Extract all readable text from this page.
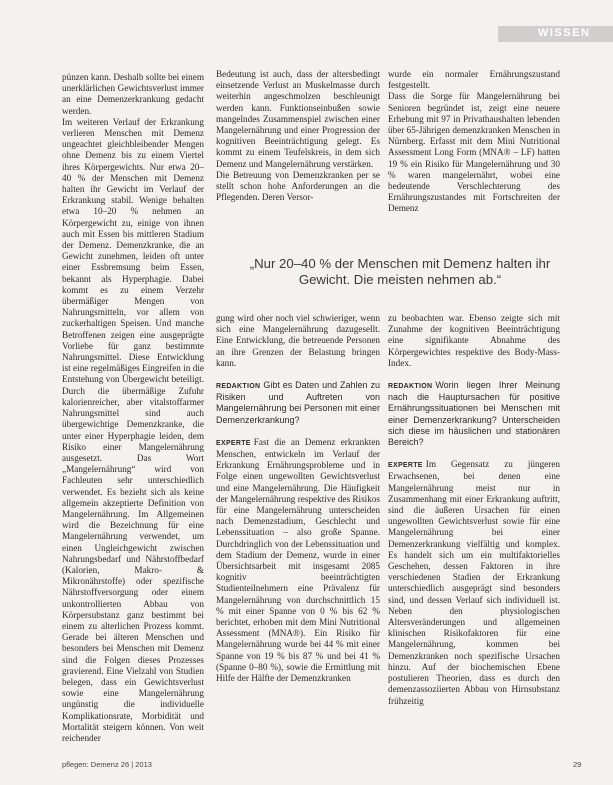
WISSEN

pünzen kann. Deshalb sollte bei einem unerklärlichen Gewichtsverlust immer an eine Demenzerkrankung gedacht werden.

Im weiteren Verlauf der Erkrankung verlieren Menschen mit Demenz ungeachtet gleichbleibender Mengen ohne Demenz bis zu einem Viertel ihres Körpergewichts. Nur etwa 20–40 % der Menschen mit Demenz halten ihr Gewicht im Verlauf der Erkrankung stabil. Wenige behalten etwa 10–20 % nehmen an Körpergewicht zu, einige von ihnen auch mit Essen bis mittleren Stadium der Demenz. Demenzkranke, die an Gewicht zunehmen, leiden oft unter einer Essbremsung beim Essen, bekannt als Hyperphagie. Dabei kommt es zu einem Verzehr übermäßiger Mengen von Nahrungsmitteln, vor allem von zuckerhaltigen Speisen. Und manche Betroffenen zeigen eine ausgeprägte Vorliebe für ganz bestimmte Nahrungsmittel. Diese Entwicklung ist eine regelmäßiges Eingreifen in die Entstehung von Übergewicht beteiligt. Durch die übermäßige Zufuhr kalorienreicher, aber vitalstoffarmer Nahrungsmittel sind auch übergewichtige Demenzkranke, die unter einer Hyperphagie leiden, dem Risiko einer Mangelernährung ausgesetzt. Das Wort „Mangelernährung“ wird von Fachleuten sehr unterschiedlich verwendet. Es bezieht sich als keine allgemein akzeptierte Definition von Mangelernährung. Im Allgemeinen wird die Bezeichnung für eine Mangelernährung verwendet, um einen Ungleichgewicht zwischen Nahrungsbedarf und Nährstoffbedarf (Kalorien, Makro- & Mikronährstoffe) oder spezifische Nährstoffversorgung oder einem unkontrollierten Abbau von Körpersubstanz ganz bestimmt bei einem zu alterlichen Prozess kommt. Gerade bei älteren Menschen und besonders bei Menschen mit Demenz sind die Folgen dieses Prozesses gravierend. Eine Vielzahl von Studien belegen, dass ein Gewichtsverlust sowie eine Mangelernährung ungünstig die individuelle Komplikationsrate, Morbidität und Mortalität steigern können. Von weit reichender

Bedeutung ist auch, dass der altersbedingt einsetzende Verlust an Muskelmasse durch weiterhin angeschmolzen beschleunigt werden kann. Funktionseinbußen sowie mangelndes Zusammenspiel zwischen einer Mangelernährung und einer Progression der kognitiven Beeinträchtigung gelegt. Es kommt zu einem Teufelskreis, in dem sich Demenz und Mangelernährung verstärken.

Die Betreuung von Demenzkranken per se stellt schon hohe Anforderungen an die Pflegenden. Deren Versor-

wurde ein normaler Ernährungszustand festgestellt.

Dass die Sorge für Mangelernährung bei Senioren begründet ist, zeigt eine neuere Erhebung mit 97 in Privathaushalten lebenden über 65-Jährigen demenzkranken Menschen in Nürnberg. Erfasst mit dem Mini Nutritional Assessment Long Form (MNA® – LF) hatten 19 % ein Risiko für Mangelernährung und 30 % waren mangelernährt, wobei eine bedeutende Verschlechterung des Ernährungszustandes mit Fortschreiten der Demenz

„Nur 20–40 % der Menschen mit Demenz halten ihr Gewicht. Die meisten nehmen ab.“

gung wird oher noch viel schwieriger, wenn sich eine Mangelernährung dazugesellt. Eine Entwicklung, die betreuende Personen an ihre Grenzen der Belastung bringen kann.

REDAKTION Gibt es Daten und Zahlen zu Risiken und Auftreten von Mangelernährung bei Personen mit einer Demenzerkrankung?

EXPERTE Fast die an Demenz erkrankten Menschen, entwickeln im Verlauf der Erkrankung Ernährungsprobleme und in Folge einen ungewollten Gewichtsverlust und eine Mangelernährung. Die Häufigkeit der Mangelernährung respektive des Risikos für eine Mangelernährung unterscheiden nach Demenzstadium, Geschlecht und Lebenssituation – also große Spanne. Durchdringlich von der Lebenssituation und dem Stadium der Demenz, wurde in einer Übersichtsarbeit mit insgesamt 2085 kognitiv beeinträchtigten Studienteilnehmern eine Prävalenz für Mangelernährung von durchschnittlich 15 % mit einer Spanne von 0 % bis 62 % berichtet, erhoben mit dem Mini Nutritional Assessment (MNA®). Ein Risiko für Mangelernährung wurde bei 44 % mit einer Spanne von 19 % bis 87 % und bei 41 % (Spanne 0–80 %), sowie die Ermittlung mit Hilfe der Hälfte der Demenzkranken

zu beobachten war. Ebenso zeigte sich mit Zunahme der kognitiven Beeinträchtigung eine signifikante Abnahme des Körpergewichtes respektive des Body-Mass-Index.

REDAKTION Worin liegen Ihrer Meinung nach die Hauptursachen für positive Ernährungssituationen bei Menschen mit einer Demenzerkrankung? Unterscheiden sich diese im häuslichen und stationären Bereich?

EXPERTE Im Gegensatz zu jüngeren Erwachsenen, bei denen eine Mangelernährung meist nur in Zusammenhang mit einer Erkrankung auftritt, sind die äußeren Ursachen für einen ungewollten Gewichtsverlust sowie für eine Mangelernährung bei einer Demenzerkrankung vielfältig und komplex. Es handelt sich um ein multifaktorielles Geschehen, dessen Faktoren in ihre verschiedenen Stadien der Erkrankung unterschiedlich ausgeprägt sind besonders sind, und dessen Verlauf sich individuell ist. Neben den physiologischen Altersveränderungen und allgemeinen klinischen Risikofaktoren für eine Mangelernährung, kommen bei Demenzkranken noch spezifische Ursachen hinzu. Auf der biochemischen Ebene postulieren Theorien, dass es durch den demenzassoziierten Abbau von Hirnsubstanz frühzeitig

pflegen: Demenz 26 | 2013	29
